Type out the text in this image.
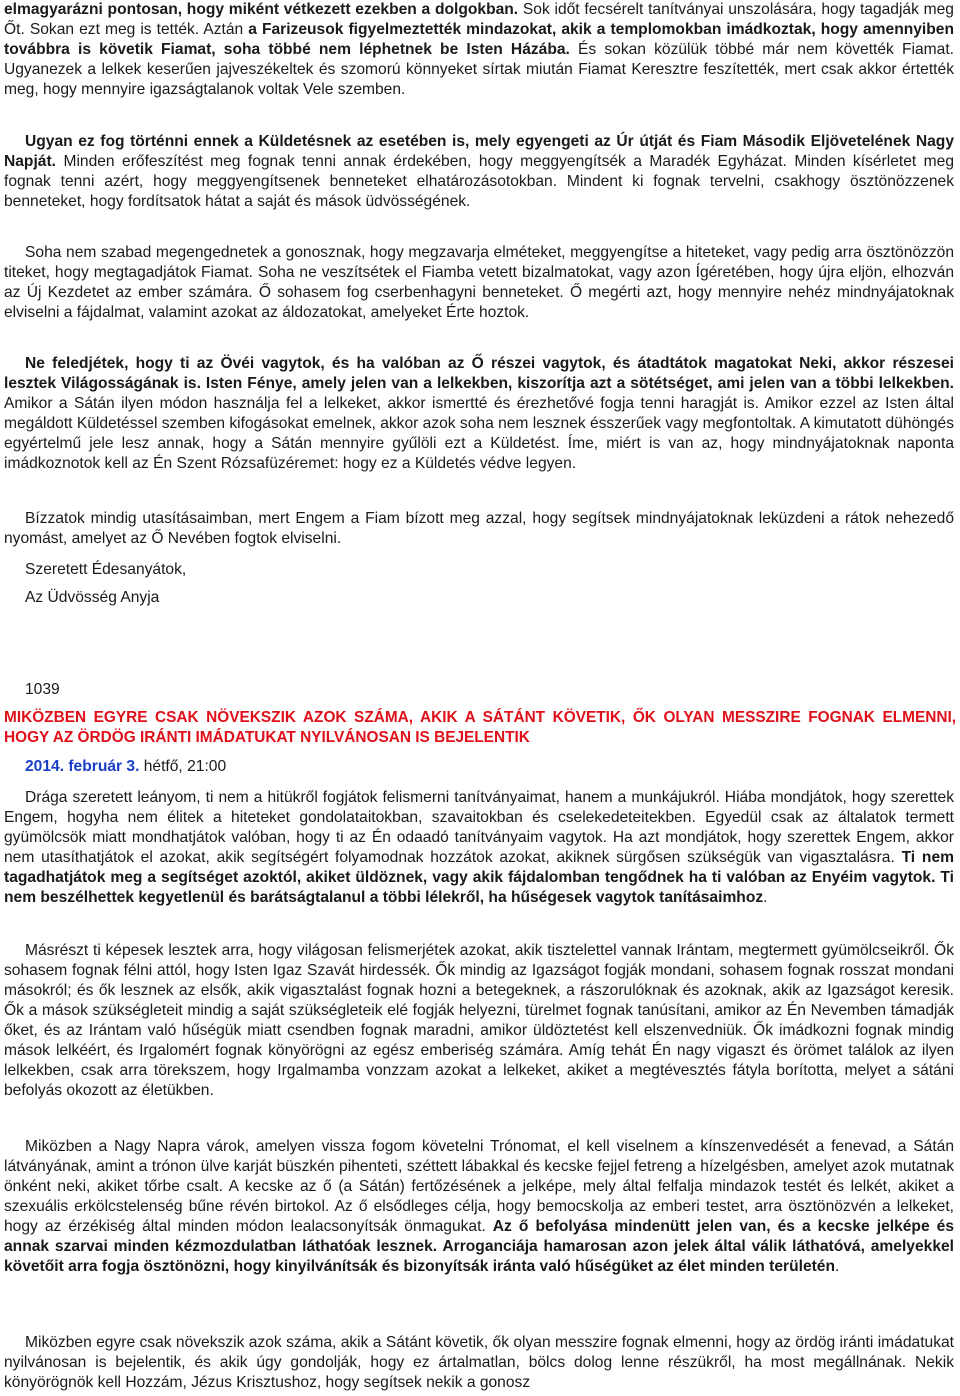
elmagyarázni pontosan, hogy miként vétkezett ezekben a dolgokban. Sok időt fecsérelt tanítványai unszolására, hogy tagadják meg Őt. Sokan ezt meg is tették. Aztán a Farizeusok figyelmeztették mindazokat, akik a templomokban imádkoztak, hogy amennyiben továbbra is követik Fiamat, soha többé nem léphetnek be Isten Házába. És sokan közülük többé már nem követték Fiamat. Ugyanezek a lelkek keserűen jajveszékeltek és szomorú könnyeket sírtak miután Fiamat Keresztre feszítették, mert csak akkor értették meg, hogy mennyire igazságtalanok voltak Vele szemben.

Ugyan ez fog történni ennek a Küldetésnek az esetében is, mely egyengeti az Úr útját és Fiam Második Eljövetelének Nagy Napját. Minden erőfeszítést meg fognak tenni annak érdekében, hogy meggyengítsék a Maradék Egyházat. Minden kísérletet meg fognak tenni azért, hogy meggyengítsenek benneteket elhatározásotokban. Mindent ki fognak tervelni, csakhogy ösztönözzenek benneteket, hogy fordítsatok hátat a saját és mások üdvösségének.

Soha nem szabad megengednetek a gonosznak, hogy megzavarja elméteket, meggyengítse a hiteteket, vagy pedig arra ösztönözzön titeket, hogy megtagadjátok Fiamat. Soha ne veszítsétek el Fiamba vetett bizalmatokat, vagy azon Ígéretében, hogy újra eljön, elhozván az Új Kezdetet az ember számára. Ő sohasem fog cserbenhagyni benneteket. Ő megérti azt, hogy mennyire nehéz mindnyájatoknak elviselni a fájdalmat, valamint azokat az áldozatokat, amelyeket Érte hoztok.

Ne feledjétek, hogy ti az Övéi vagytok, és ha valóban az Ő részei vagytok, és átadtátok magatokat Neki, akkor részesei lesztek Világosságának is. Isten Fénye, amely jelen van a lelkekben, kiszorítja azt a sötétséget, ami jelen van a többi lelkekben. Amikor a Sátán ilyen módon használja fel a lelkeket, akkor ismertté és érezhetővé fogja tenni haragját is. Amikor ezzel az Isten által megáldott Küldetéssel szemben kifogásokat emelnek, akkor azok soha nem lesznek ésszerűek vagy megfontoltak. A kimutatott dühöngés egyértelmű jele lesz annak, hogy a Sátán mennyire gyűlöli ezt a Küldetést. Íme, miért is van az, hogy mindnyájatoknak naponta imádkoznotok kell az Én Szent Rózsafüzéremet: hogy ez a Küldetés védve legyen.

Bízzatok mindig utasításaimban, mert Engem a Fiam bízott meg azzal, hogy segítsek mindnyájatoknak leküzdeni a rátok nehezedő nyomást, amelyet az Ő Nevében fogtok elviselni.

Szeretett Édesanyátok,

Az Üdvösség Anyja

1039

MIKÖZBEN EGYRE CSAK NÖVEKSZIK AZOK SZÁMA, AKIK A SÁTÁNT KÖVETIK, ŐK OLYAN MESSZIRE FOGNAK ELMENNI, HOGY AZ ÖRDÖG IRÁNTI IMÁDATUKAT NYILVÁNOSAN IS BEJELENTIK

2014. február 3. hétfő, 21:00

Drága szeretett leányom, ti nem a hitükről fogjátok felismerni tanítványaimat, hanem a munkájukról. Hiába mondjátok, hogy szerettek Engem, hogyha nem élitek a hiteteket gondolataitokban, szavaitokban és cselekedeteitekben. Egyedül csak az általatok termett gyümölcsök miatt mondhatjátok valóban, hogy ti az Én odaadó tanítványaim vagytok. Ha azt mondjátok, hogy szerettek Engem, akkor nem utasíthatjátok el azokat, akik segítségért folyamodnak hozzátok azokat, akiknek sürgősen szükségük van vigasztalásra. Ti nem tagadhatjátok meg a segítséget azoktól, akiket üldöznek, vagy akik fájdalomban tengődnek ha ti valóban az Enyéim vagytok. Ti nem beszélhettek kegyetlenül és barátságtalanul a többi lélekről, ha hűségesek vagytok tanításaimhoz.

Másrészt ti képesek lesztek arra, hogy világosan felismerjétek azokat, akik tisztelettel vannak Irántam, megtermett gyümölcseikről. Ők sohasem fognak félni attól, hogy Isten Igaz Szavát hirdessék. Ők mindig az Igazságot fogják mondani, sohasem fognak rosszat mondani másokról; és ők lesznek az elsők, akik vigasztalást fognak hozni a betegeknek, a rászorulóknak és azoknak, akik az Igazságot keresik. Ők a mások szükségleteit mindig a saját szükségleteik elé fogják helyezni, türelmet fognak tanúsítani, amikor az Én Nevemben támadják őket, és az Irántam való hűségük miatt csendben fognak maradni, amikor üldöztetést kell elszenvedniük. Ők imádkozni fognak mindig mások lelkéért, és Irgalomért fognak könyörögni az egész emberiség számára. Amíg tehát Én nagy vigaszt és örömet találok az ilyen lelkekben, csak arra törekszem, hogy Irgalmamba vonzzam azokat a lelkeket, akiket a megtévesztés fátyla borította, melyet a sátáni befolyás okozott az életükben.

Miközben a Nagy Napra várok, amelyen vissza fogom követelni Trónomat, el kell viselnem a kínszenvedését a fenevad, a Sátán látványának, amint a trónon ülve karját büszkén pihenteti, széttett lábakkal és kecske fejjel fetreng a hízelgésben, amelyet azok mutatnak önként neki, akiket tőrbe csalt. A kecske az ő (a Sátán) fertőzésének a jelképe, mely által felfalja mindazok testét és lelkét, akiket a szexuális erkölcstelenség bűne révén birtokol. Az ő elsődleges célja, hogy bemocskolja az emberi testet, arra ösztönözvén a lelkeket, hogy az érzékiség által minden módon lealacsonyítsák önmagukat. Az ő befolyása mindenütt jelen van, és a kecske jelképe és annak szarvai minden kézmozdulatban láthatóak lesznek. Arroganciája hamarosan azon jelek által válik láthatóvá, amelyekkel követőit arra fogja ösztönözni, hogy kinyilvánítsák és bizonyítsák iránta való hűségüket az élet minden területén.

Miközben egyre csak növekszik azok száma, akik a Sátánt követik, ők olyan messzire fognak elmenni, hogy az ördög iránti imádatukat nyilvánosan is bejelentik, és akik úgy gondolják, hogy ez ártalmatlan, bölcs dolog lenne részükről, ha most megállnának. Nekik könyörögnök kell Hozzám, Jézus Krisztushoz, hogy segítsek nekik a gonosz
